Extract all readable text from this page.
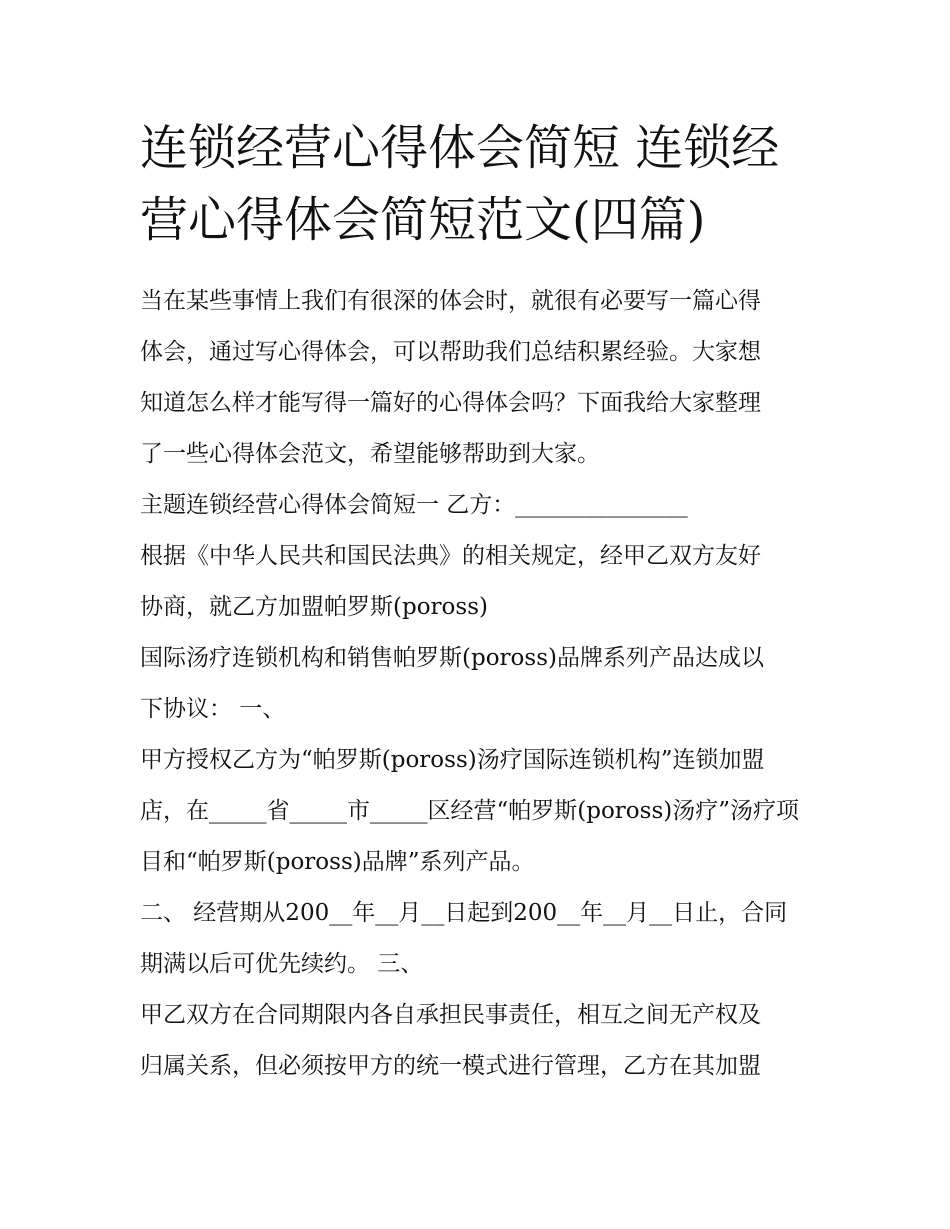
连锁经营心得体会简短 连锁经
营心得体会简短范文(四篇)
当在某些事情上我们有很深的体会时，就很有必要写一篇心得
体会，通过写心得体会，可以帮助我们总结积累经验。大家想
知道怎么样才能写得一篇好的心得体会吗？下面我给大家整理
了一些心得体会范文，希望能够帮助到大家。
主题连锁经营心得体会简短一 乙方：_______________
根据《中华人民共和国民法典》的相关规定，经甲乙双方友好
协商，就乙方加盟帕罗斯(poross)
国际汤疗连锁机构和销售帕罗斯(poross)品牌系列产品达成以
下协议： 一、
甲方授权乙方为“帕罗斯(poross)汤疗国际连锁机构”连锁加盟
店，在_____省_____市_____区经营“帕罗斯(poross)汤疗”汤疗项
目和“帕罗斯(poross)品牌”系列产品。
二、 经营期从200__年__月__日起到200__年__月__日止，合同
期满以后可优先续约。 三、
甲乙双方在合同期限内各自承担民事责任，相互之间无产权及
归属关系，但必须按甲方的统一模式进行管理，乙方在其加盟
